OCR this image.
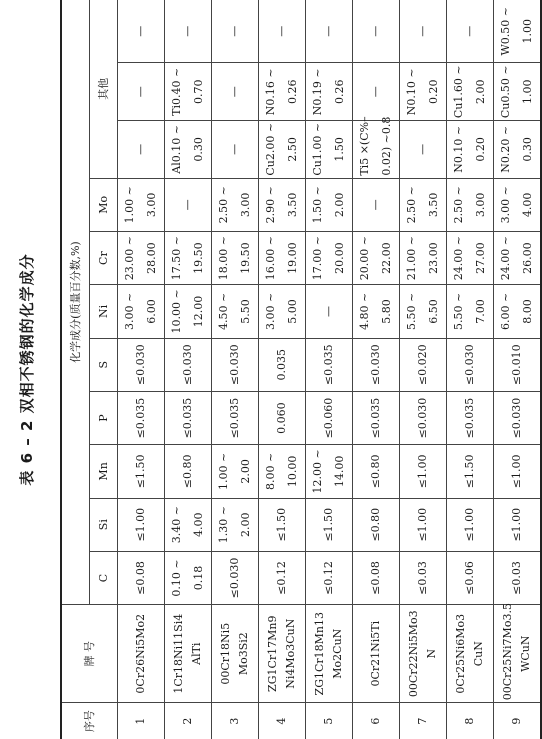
表 6 – 2 双相不锈钢的化学成分
序号	牌 号	化学成分(质量百分数,%)										
		C	Si	Mn	P	S	Ni	Cr	Mo	其他		
1	0Cr26Ni5Mo2	≤0.08	≤1.00	≤1.50	≤0.035	≤0.030	3.00 ~ 6.00	23.00 ~ 28.00	1.00 ~ 3.00	—	—	—

2	1Cr18Ni11Si4 AlTi	0.10 ~ 0.18	3.40 ~ 4.00	≤0.80	≤0.035	≤0.030	10.00 ~ 12.00	17.50 ~ 19.50	—	Al0.10 ~ 0.30	Ti0.40 ~ 0.70	—

3	00Cr18Ni5 Mo3Si2	≤0.030	1.30 ~ 2.00	1.00 ~ 2.00	≤0.035	≤0.030	4.50 ~ 5.50	18.00 ~ 19.50	2.50 ~ 3.00	—	—	—

4	ZG1Cr17Mn9 Ni4Mo3CuN	≤0.12	≤1.50	8.00 ~ 10.00	0.060	0.035	3.00 ~ 5.00	16.00 ~ 19.00	2.90 ~ 3.50	Cu2.00 ~ 2.50	N0.16 ~ 0.26	—

5	ZG1Cr18Mn13 Mo2CuN	≤0.12	≤1.50	12.00 ~ 14.00	≤0.060	≤0.035	—	17.00 ~ 20.00	1.50 ~ 2.00	Cu1.00 ~ 1.50	N0.19 ~ 0.26	—

6	0Cr21Ni5Ti	≤0.08	≤0.80	≤0.80	≤0.035	≤0.030	4.80 ~ 5.80	20.00 ~ 22.00	—	Ti5 ×(C%– 0.02) ~0.8	—	—

7	00Cr22Ni5Mo3 N	≤0.03	≤1.00	≤1.00	≤0.030	≤0.020	5.50 ~ 6.50	21.00 ~ 23.00	2.50 ~ 3.50	—	N0.10 ~ 0.20	—

8	0Cr25Ni6Mo3 CuN	≤0.06	≤1.00	≤1.50	≤0.035	≤0.030	5.50 ~ 7.00	24.00 ~ 27.00	2.50 ~ 3.00	N0.10 ~ 0.20	Cu1.60 ~ 2.00	—

9	00Cr25Ni7Mo3.5 WCuN	≤0.03	≤1.00	≤1.00	≤0.030	≤0.010	6.00 ~ 8.00	24.00 ~ 26.00	3.00 ~ 4.00	N0.20 ~ 0.30	Cu0.50 ~ 1.00	W0.50 ~ 1.00
